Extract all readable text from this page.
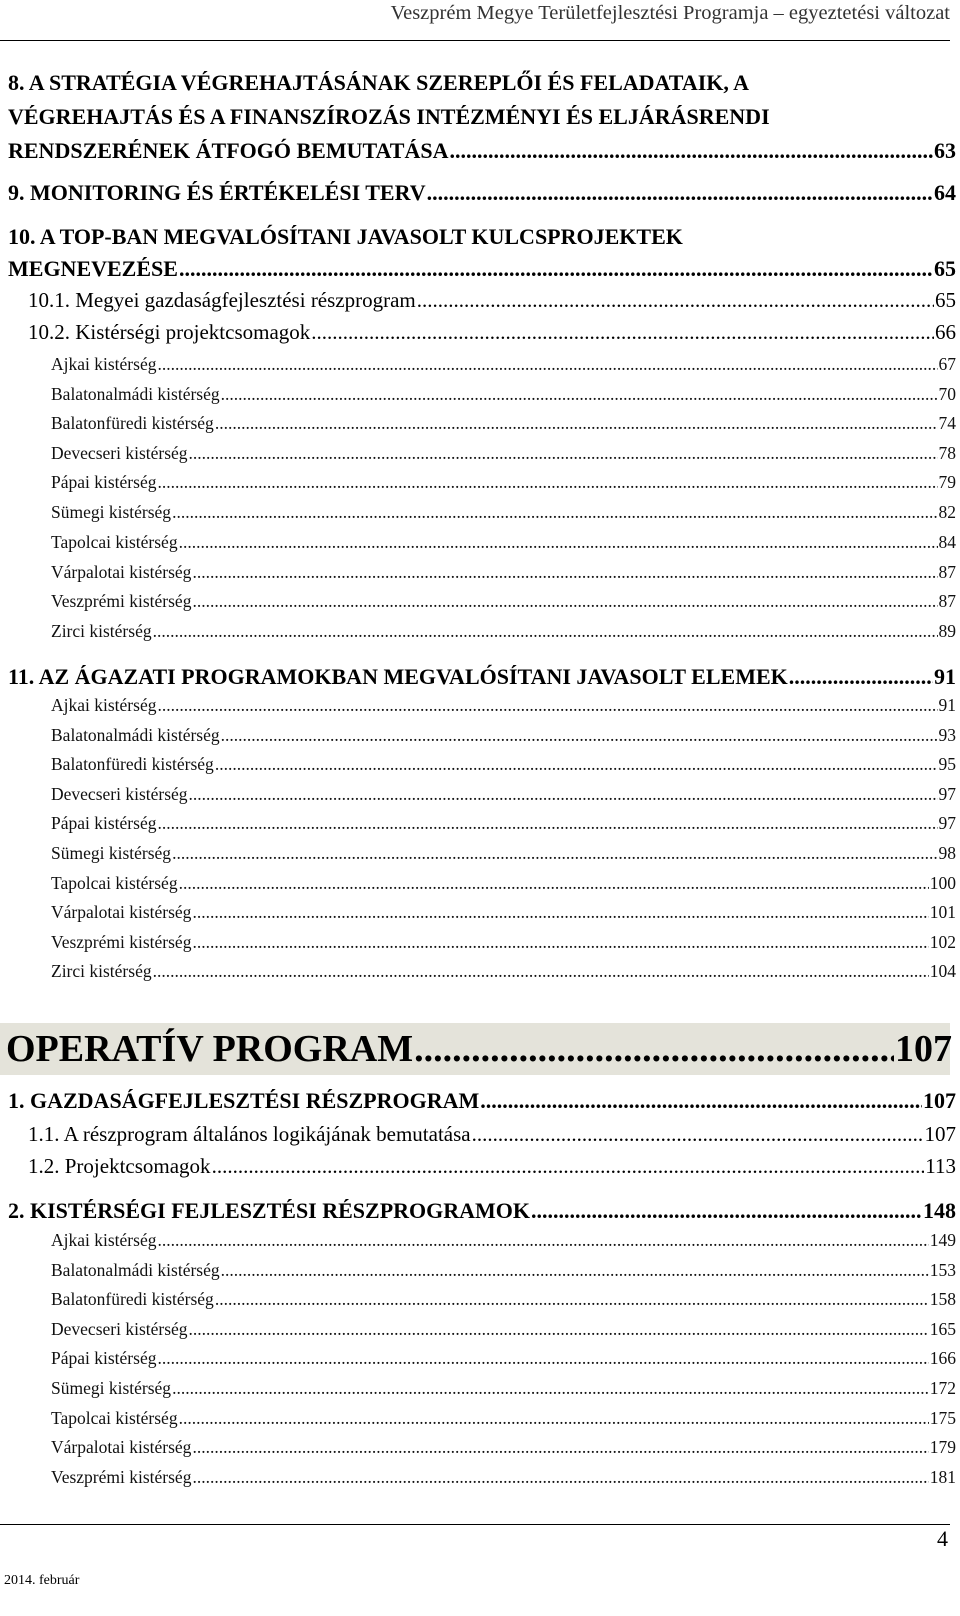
Veszprém Megye Területfejlesztési Programja – egyeztetési változat
8. A STRATÉGIA VÉGREHAJTÁSÁNAK SZEREPLŐI ÉS FELADATAIK, A
VÉGREHAJTÁS ÉS A FINANSZÍROZÁS INTÉZMÉNYI ÉS ELJÁRÁSRENDI
RENDSZERÉNEK ÁTFOGÓ BEMUTATÁSA .....	63
9. MONITORING ÉS ÉRTÉKELÉSI TERV .....	64
10. A TOP-BAN MEGVALÓSÍTANI JAVASOLT KULCSPROJEKTEK
MEGNEVEZÉSE .....	65
10.1. Megyei gazdaságfejlesztési részprogram .....	65
10.2. Kistérségi projektcsomagok .....	66
Ajkai kistérség .....	67
Balatonalmádi kistérség .....	70
Balatonfüredi kistérség .....	74
Devecseri kistérség .....	78
Pápai kistérség .....	79
Sümegi kistérség .....	82
Tapolcai kistérség .....	84
Várpalotai kistérség .....	87
Veszprémi kistérség .....	87
Zirci kistérség .....	89
11. AZ ÁGAZATI PROGRAMOKBAN MEGVALÓSÍTANI JAVASOLT ELEMEK .....	91
Ajkai kistérség .....	91
Balatonalmádi kistérség .....	93
Balatonfüredi kistérség .....	95
Devecseri kistérség .....	97
Pápai kistérség .....	97
Sümegi kistérség .....	98
Tapolcai kistérség .....	100
Várpalotai kistérség .....	101
Veszprémi kistérség .....	102
Zirci kistérség .....	104
OPERATÍV PROGRAM .....	107
1. GAZDASÁGFEJLESZTÉSI RÉSZPROGRAM .....	107
1.1. A részprogram általános logikájának bemutatása .....	107
1.2. Projektcsomagok .....	113
2. KISTÉRSÉGI FEJLESZTÉSI RÉSZPROGRAMOK .....	148
Ajkai kistérség .....	149
Balatonalmádi kistérség .....	153
Balatonfüredi kistérség .....	158
Devecseri kistérség .....	165
Pápai kistérség .....	166
Sümegi kistérség .....	172
Tapolcai kistérség .....	175
Várpalotai kistérség .....	179
Veszprémi kistérség .....	181
4
2014. február
